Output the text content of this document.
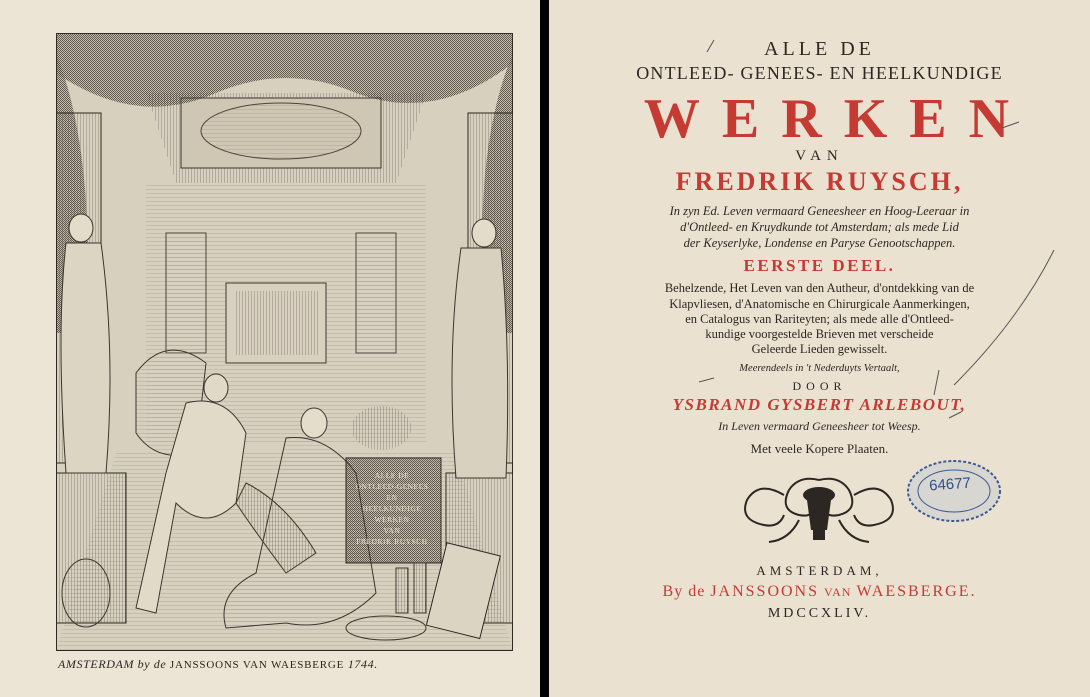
ALLE DE
ONTLEED-GENEES
EN
HEELKUNDIGE
WERKEN
VAN
FREDRIK RUYSCH
AMSTERDAM by de JANSSOONS VAN WAESBERGE 1744.
ALLE DE
ONTLEED- GENEES- EN HEELKUNDIGE
WERKEN
VAN
FREDRIK RUYSCH,
In zyn Ed. Leven vermaard Geneesheer en Hoog-Leeraar in
d'Ontleed- en Kruydkunde tot Amsterdam; als mede Lid
der Keyserlyke, Londense en Paryse Genootschappen.
EERSTE DEEL.
Behelzende, Het Leven van den Autheur, d'ontdekking van de
Klapvliesen, d'Anatomische en Chirurgicale Aanmerkingen,
en Catalogus van Rariteyten; als mede alle d'Ontleed-
kundige voorgestelde Brieven met verscheide
Geleerde Lieden gewisselt.
Meerendeels in 't Nederduyts Vertaalt,
DOOR
YSBRAND GYSBERT ARLEBOUT,
In Leven vermaard Geneesheer tot Weesp.
Met veele Kopere Plaaten.
AMSTERDAM,
By de JANSSOONS VAN WAESBERGE.
MDCCXLIV.
64677
